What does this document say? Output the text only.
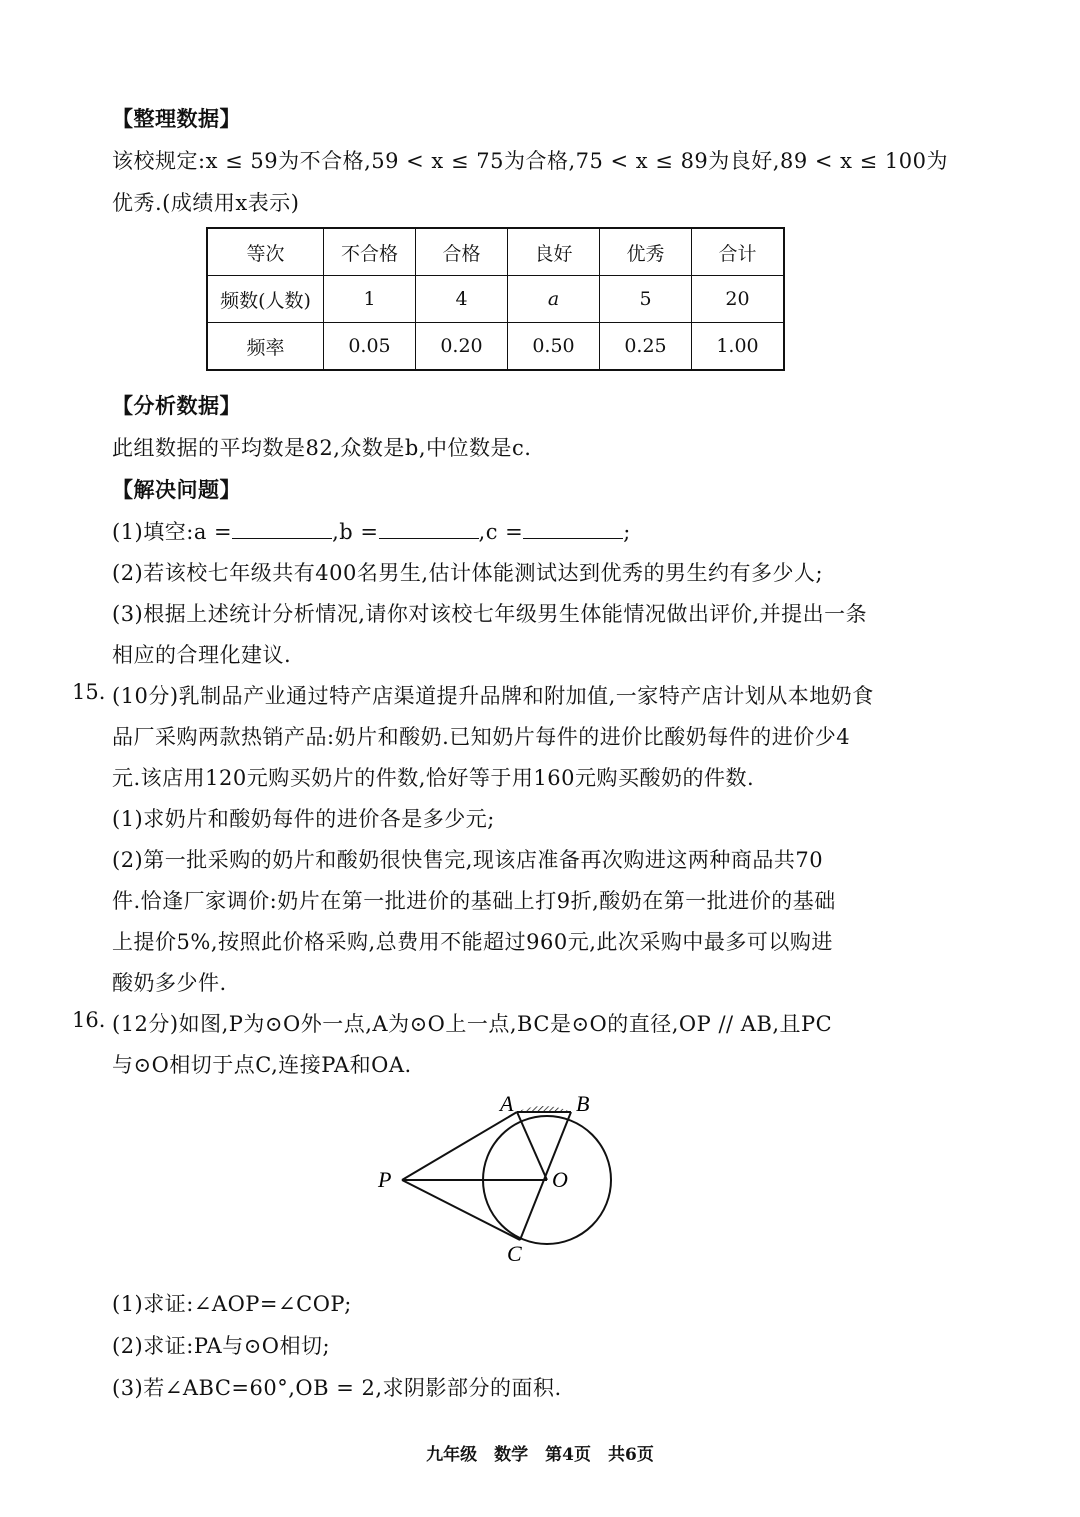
【整理数据】
该校规定:x ≤ 59为不合格,59 < x ≤ 75为合格,75 < x ≤ 89为良好,89 < x ≤ 100为
优秀.(成绩用x表示)
等次	不合格	合格	良好	优秀	合计
频数(人数)	1	4	a	5	20
频率	0.05	0.20	0.50	0.25	1.00
【分析数据】
此组数据的平均数是82,众数是b,中位数是c.
【解决问题】
(1)填空:a =	,b =	,c =	;
(2)若该校七年级共有400名男生,估计体能测试达到优秀的男生约有多少人;
(3)根据上述统计分析情况,请你对该校七年级男生体能情况做出评价,并提出一条
相应的合理化建议.
15. (10分)乳制品产业通过特产店渠道提升品牌和附加值,一家特产店计划从本地奶食
品厂采购两款热销产品:奶片和酸奶.已知奶片每件的进价比酸奶每件的进价少4
元.该店用120元购买奶片的件数,恰好等于用160元购买酸奶的件数.
(1)求奶片和酸奶每件的进价各是多少元;
(2)第一批采购的奶片和酸奶很快售完,现该店准备再次购进这两种商品共70
件.恰逢厂家调价:奶片在第一批进价的基础上打9折,酸奶在第一批进价的基础
上提价5%,按照此价格采购,总费用不能超过960元,此次采购中最多可以购进
酸奶多少件.
16. (12分)如图,P为⊙O外一点,A为⊙O上一点,BC是⊙O的直径,OP // AB,且PC
与⊙O相切于点C,连接PA和OA.
A	B
P	O
C
(1)求证:∠AOP=∠COP;
(2)求证:PA与⊙O相切;
(3)若∠ABC=60°,OB = 2,求阴影部分的面积.
九年级　数学　第4页　共6页
